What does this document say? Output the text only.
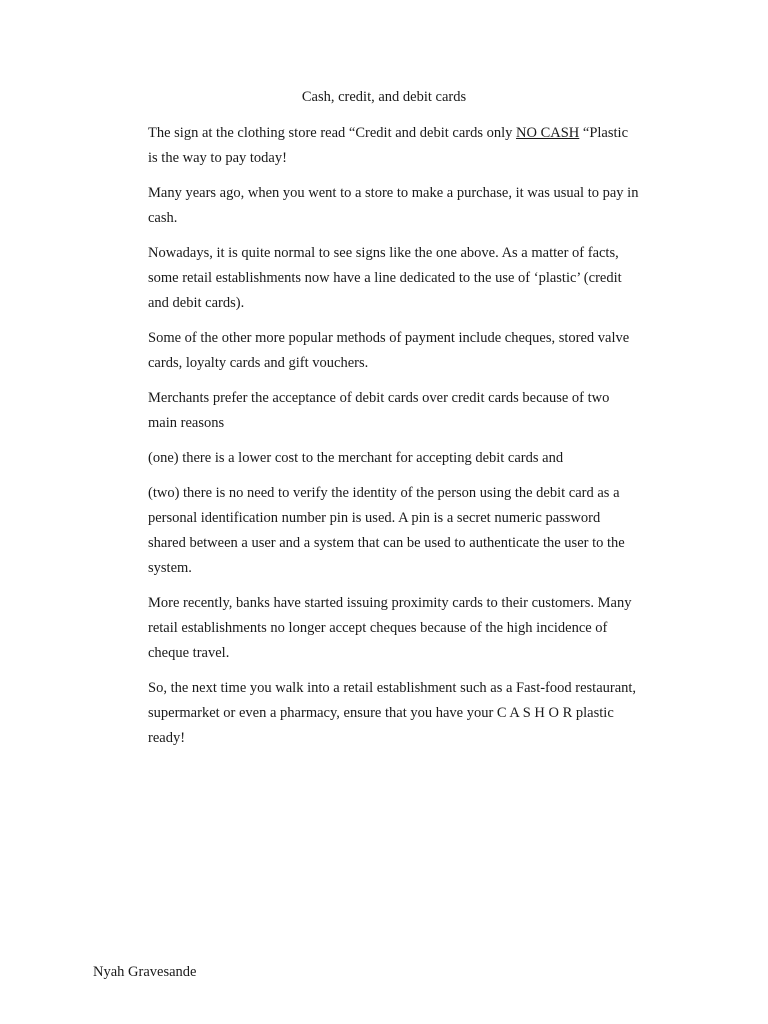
Cash, credit, and debit cards

The sign at the clothing store read “Credit and debit cards only NO CASH “Plastic is the way to pay today!

Many years ago, when you went to a store to make a purchase, it was usual to pay in cash.

Nowadays, it is quite normal to see signs like the one above. As a matter of facts, some retail establishments now have a line dedicated to the use of ‘plastic’ (credit and debit cards).

Some of the other more popular methods of payment include cheques, stored valve cards, loyalty cards and gift vouchers.

Merchants prefer the acceptance of debit cards over credit cards because of two main reasons

(one) there is a lower cost to the merchant for accepting debit cards and

(two) there is no need to verify the identity of the person using the debit card as a personal identification number pin is used. A pin is a secret numeric password shared between a user and a system that can be used to authenticate the user to the system.

More recently, banks have started issuing proximity cards to their customers. Many retail establishments no longer accept cheques because of the high incidence of cheque travel.

So, the next time you walk into a retail establishment such as a Fast-food restaurant, supermarket or even a pharmacy, ensure that you have your C A S H O R plastic ready!

Nyah Gravesande
